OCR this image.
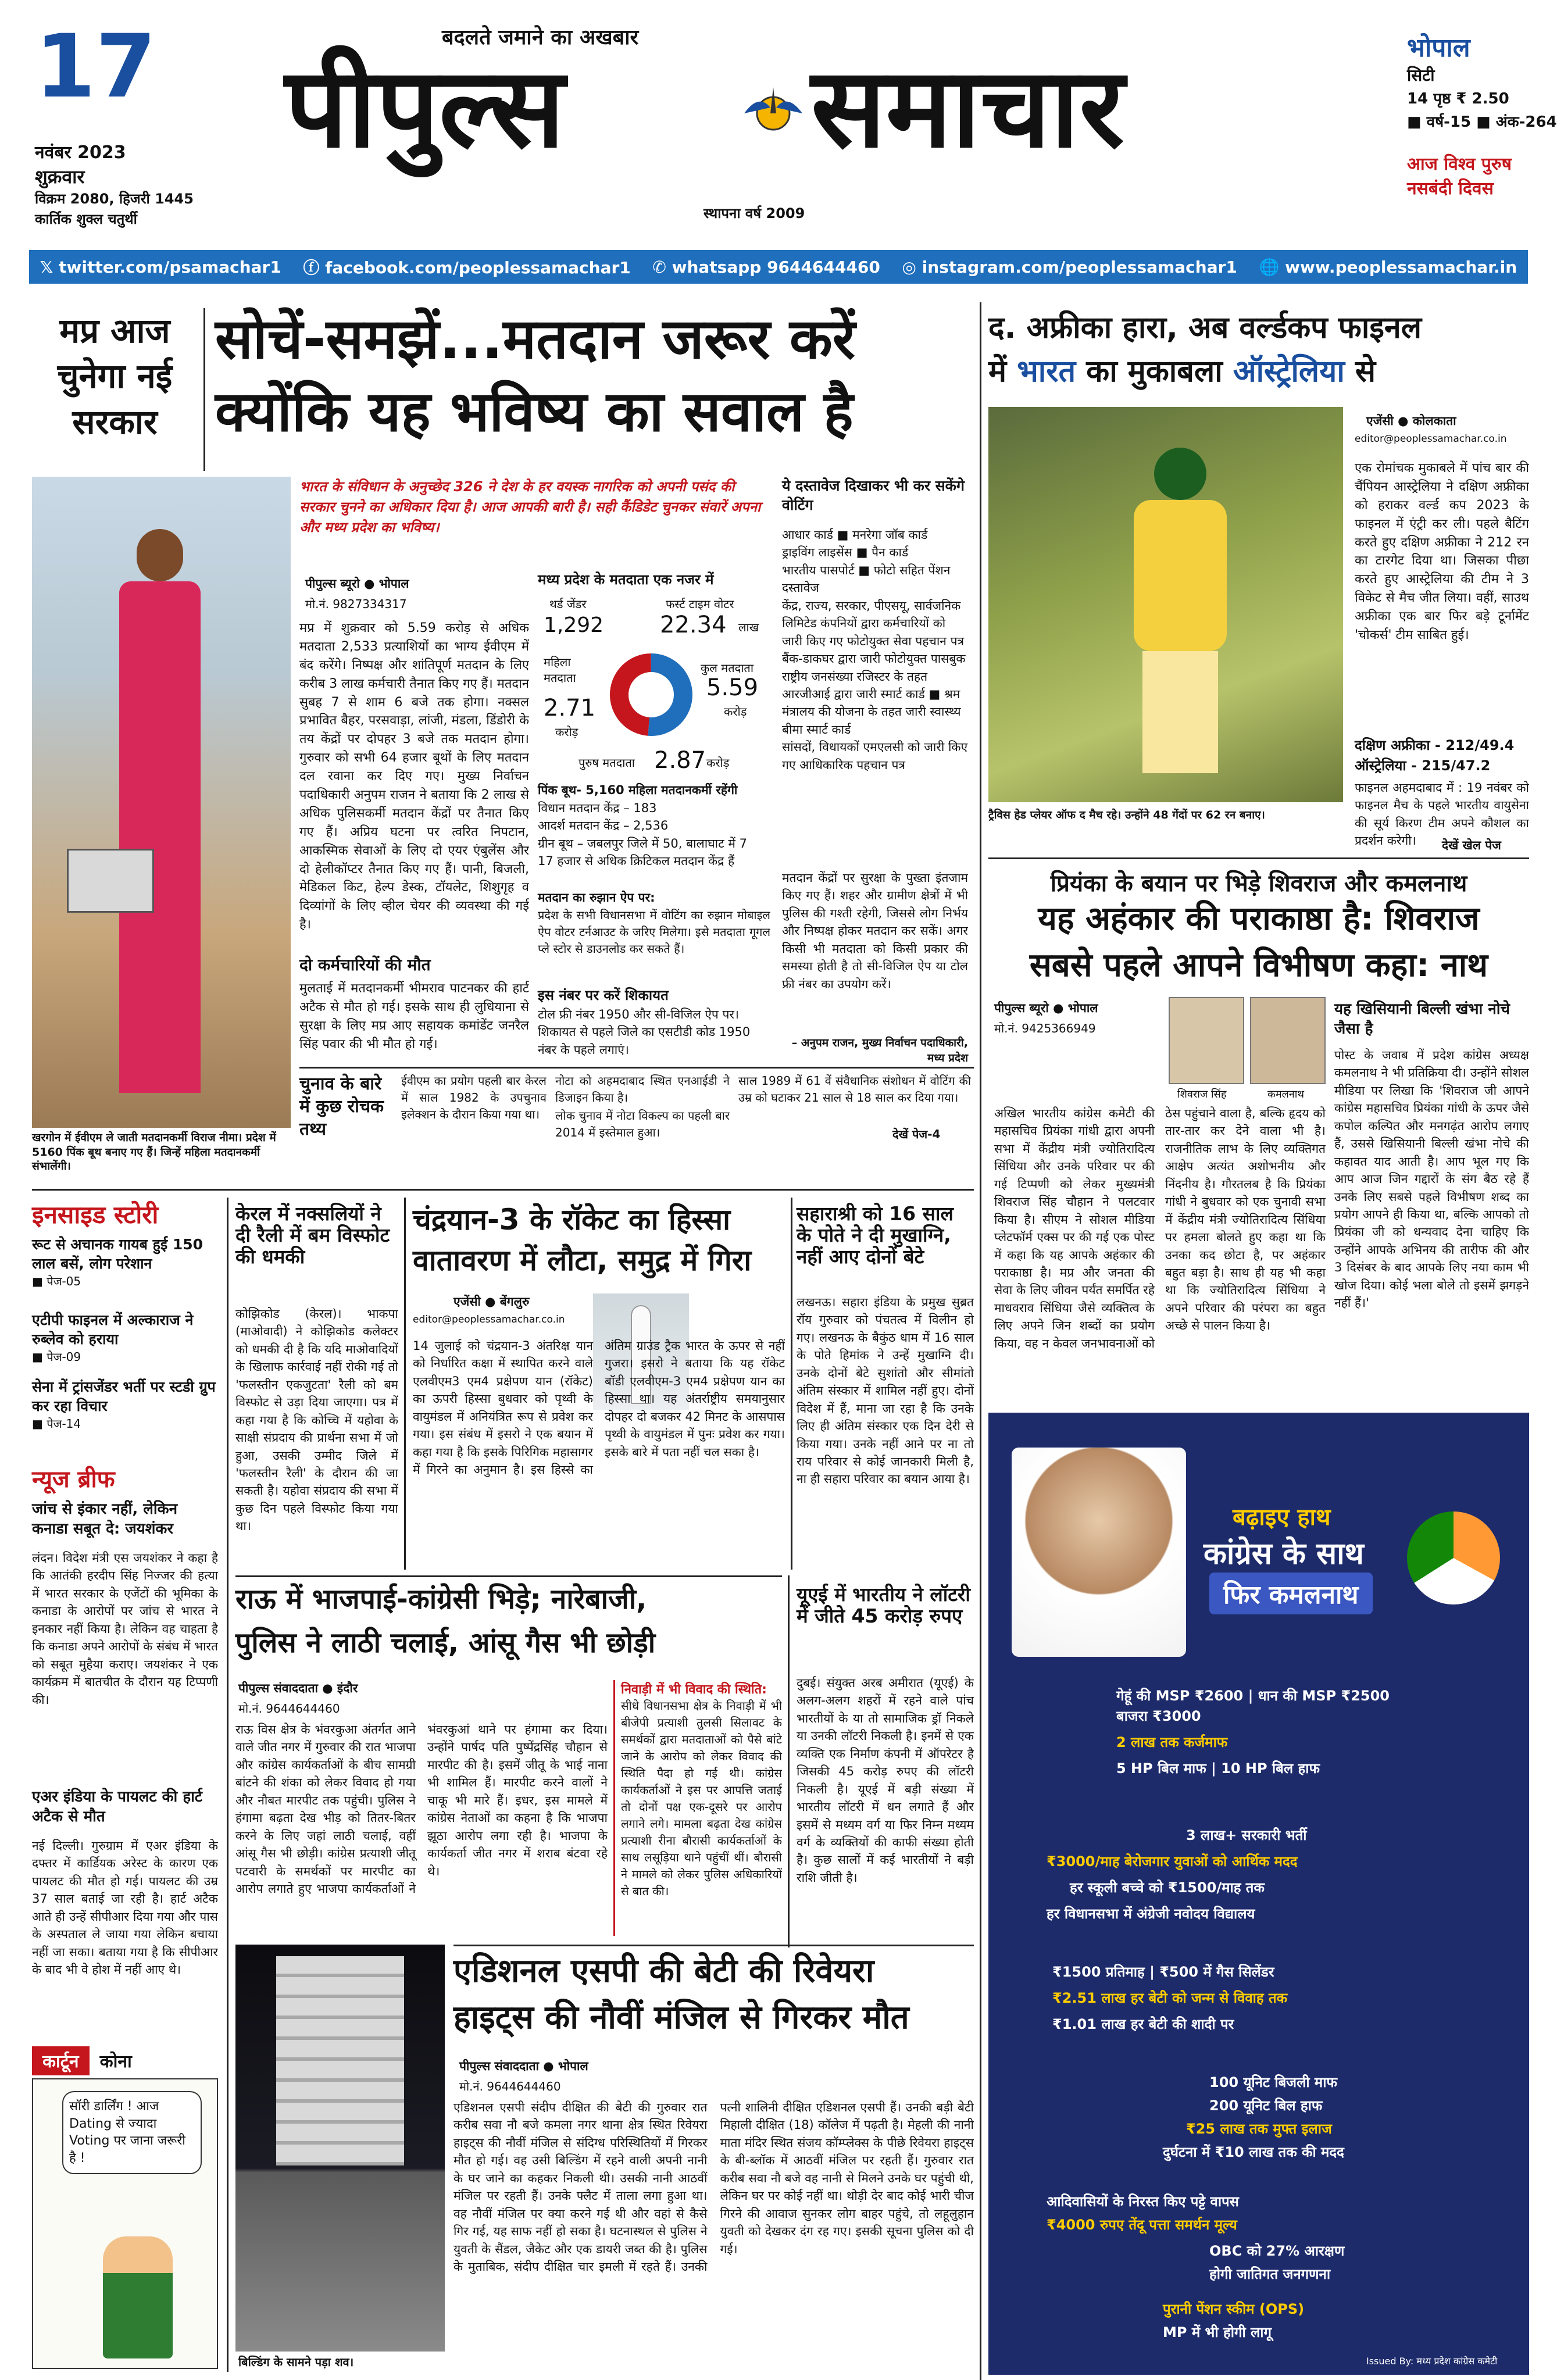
17
नवंबर 2023
शुक्रवार
विक्रम 2080, हिजरी 1445
कार्तिक शुक्ल चतुर्थी
बदलते जमाने का अखबार
पीपुल्स समाचार
स्थापना वर्ष 2009
भोपाल
सिटी
14 पृष्ठ ₹ 2.50
■ वर्ष-15 ■ अंक-264
आज विश्व पुरुष
नसबंदी दिवस
𝕏 twitter.com/psamachar1 ⓕ facebook.com/peoplessamachar1 ✆ whatsapp 9644644460 ◎ instagram.com/peoplessamachar1 🌐 www.peoplessamachar.in
मप्र आज चुनेगा नई सरकार
सोचें-समझें...मतदान जरूर करें
क्योंकि यह भविष्य का सवाल है
खरगोन में ईवीएम ले जाती मतदानकर्मी विराज नीमा। प्रदेश में 5160 पिंक बूथ बनाए गए हैं। जिन्हें महिला मतदानकर्मी संभालेंगी।
भारत के संविधान के अनुच्छेद 326 ने देश के हर वयस्क नागरिक को अपनी पसंद की सरकार चुनने का अधिकार दिया है। आज आपकी बारी है। सही कैंडिडेट चुनकर संवारें अपना और मध्य प्रदेश का भविष्य।
पीपुल्स ब्यूरो ● भोपाल
मो.नं. 9827334317
मप्र में शुक्रवार को 5.59 करोड़ से अधिक मतदाता 2,533 प्रत्याशियों का भाग्य ईवीएम में बंद करेंगे। निष्पक्ष और शांतिपूर्ण मतदान के लिए करीब 3 लाख कर्मचारी तैनात किए गए हैं। मतदान सुबह 7 से शाम 6 बजे तक होगा। नक्सल प्रभावित बैहर, परसवाड़ा, लांजी, मंडला, डिंडोरी के तय केंद्रों पर दोपहर 3 बजे तक मतदान होगा। गुरुवार को सभी 64 हजार बूथों के लिए मतदान दल रवाना कर दिए गए। मुख्य निर्वाचन पदाधिकारी अनुपम राजन ने बताया कि 2 लाख से अधिक पुलिसकर्मी मतदान केंद्रों पर तैनात किए गए हैं। अप्रिय घटना पर त्वरित निपटान, आकस्मिक सेवाओं के लिए दो एयर एंबुलेंस और दो हेलीकॉप्टर तैनात किए गए हैं। पानी, बिजली, मेडिकल किट, हेल्प डेस्क, टॉयलेट, शिशुगृह व दिव्यांगों के लिए व्हील चेयर की व्यवस्था की गई है।
दो कर्मचारियों की मौत
मुलताई में मतदानकर्मी भीमराव पाटनकर की हार्ट अटैक से मौत हो गई। इसके साथ ही लुधियाना से सुरक्षा के लिए मप्र आए सहायक कमांडेंट जनरैल सिंह पवार की भी मौत हो गई।
मध्य प्रदेश के मतदाता एक नजर में
थर्ड जेंडर
1,292
फर्स्ट टाइम वोटर
22.34 लाख
महिला मतदाता
2.71
करोड़
कुल मतदाता
5.59
करोड़
पुरुष मतदाता 2.87 करोड़
पिंक बूथ- 5,160 महिला मतदानकर्मी रहेंगी
विधान मतदान केंद्र – 183
आदर्श मतदान केंद्र – 2,536
ग्रीन बूथ – जबलपुर जिले में 50, बालाघाट में 7
17 हजार से अधिक क्रिटिकल मतदान केंद्र हैं
मतदान का रुझान ऐप पर:
प्रदेश के सभी विधानसभा में वोटिंग का रुझान मोबाइल ऐप वोटर टर्नआउट के जरिए मिलेगा। इसे मतदाता गूगल प्ले स्टोर से डाउनलोड कर सकते हैं।
इस नंबर पर करें शिकायत
टोल फ्री नंबर 1950 और सी-विजिल ऐप पर।
शिकायत से पहले जिले का एसटीडी कोड 1950 नंबर के पहले लगाएं।
ये दस्तावेज दिखाकर भी कर सकेंगे वोटिंग
आधार कार्ड ■ मनरेगा जॉब कार्ड
ड्राइविंग लाइसेंस ■ पैन कार्ड
भारतीय पासपोर्ट ■ फोटो सहित पेंशन दस्तावेज
केंद्र, राज्य, सरकार, पीएसयू, सार्वजनिक लिमिटेड कंपनियों द्वारा कर्मचारियों को जारी किए गए फोटोयुक्त सेवा पहचान पत्र
बैंक-डाकघर द्वारा जारी फोटोयुक्त पासबुक
राष्ट्रीय जनसंख्या रजिस्टर के तहत आरजीआई द्वारा जारी स्मार्ट कार्ड ■ श्रम मंत्रालय की योजना के तहत जारी स्वास्थ्य बीमा स्मार्ट कार्ड
सांसदों, विधायकों एमएलसी को जारी किए गए आधिकारिक पहचान पत्र
मतदान केंद्रों पर सुरक्षा के पुख्ता इंतजाम किए गए हैं। शहर और ग्रामीण क्षेत्रों में भी पुलिस की गश्ती रहेगी, जिससे लोग निर्भय और निष्पक्ष होकर मतदान कर सकें। अगर किसी भी मतदाता को किसी प्रकार की समस्या होती है तो सी-विजिल ऐप या टोल फ्री नंबर का उपयोग करें।
– अनुपम राजन, मुख्य निर्वाचन पदाधिकारी, मध्य प्रदेश
चुनाव के बारे में कुछ रोचक तथ्य
ईवीएम का प्रयोग पहली बार केरल में साल 1982 के उपचुनाव इलेक्शन के दौरान किया गया था।
नोटा को अहमदाबाद स्थित एनआईडी ने डिजाइन किया है।
लोक चुनाव में नोटा विकल्प का पहली बार 2014 में इस्तेमाल हुआ।
साल 1989 में 61 वें संवैधानिक संशोधन में वोटिंग की उम्र को घटाकर 21 साल से 18 साल कर दिया गया।
देखें पेज-4
द. अफ्रीका हारा, अब वर्ल्डकप फाइनल
में भारत का मुकाबला ऑस्ट्रेलिया से
ट्रैविस हेड प्लेयर ऑफ द मैच रहे। उन्होंने 48 गेंदों पर 62 रन बनाए।
एजेंसी ● कोलकाता
editor@peoplessamachar.co.in
एक रोमांचक मुकाबले में पांच बार की चैंपियन आस्ट्रेलिया ने दक्षिण अफ्रीका को हराकर वर्ल्ड कप 2023 के फाइनल में एंट्री कर ली। पहले बैटिंग करते हुए दक्षिण अफ्रीका ने 212 रन का टारगेट दिया था। जिसका पीछा करते हुए आस्ट्रेलिया की टीम ने 3 विकेट से मैच जीत लिया। वहीं, साउथ अफ्रीका एक बार फिर बड़े टूर्नामेंट 'चोकर्स' टीम साबित हुई।
दक्षिण अफ्रीका - 212/49.4
ऑस्ट्रेलिया - 215/47.2
फाइनल अहमदाबाद में : 19 नवंबर को फाइनल मैच के पहले भारतीय वायुसेना की सूर्य किरण टीम अपने कौशल का प्रदर्शन करेगी।	देखें खेल पेज
प्रियंका के बयान पर भिड़े शिवराज और कमलनाथ
यह अहंकार की पराकाष्ठा है: शिवराज
सबसे पहले आपने विभीषण कहा: नाथ
पीपुल्स ब्यूरो ● भोपाल
मो.नं. 9425366949
शिवराज सिंह	कमलनाथ
अखिल भारतीय कांग्रेस कमेटी की महासचिव प्रियंका गांधी द्वारा अपनी सभा में केंद्रीय मंत्री ज्योतिरादित्य सिंधिया और उनके परिवार पर की गई टिप्पणी को लेकर मुख्यमंत्री शिवराज सिंह चौहान ने पलटवार किया है। सीएम ने सोशल मीडिया प्लेटफॉर्म एक्स पर की गई एक पोस्ट में कहा कि यह आपके अहंकार की पराकाष्ठा है। मप्र और जनता की सेवा के लिए जीवन पर्यंत समर्पित रहे माधवराव सिंधिया जैसे व्यक्तित्व के लिए अपने जिन शब्दों का प्रयोग किया, वह न केवल जनभावनाओं को ठेस पहुंचाने वाला है, बल्कि हृदय को तार-तार कर देने वाला भी है। राजनीतिक लाभ के लिए व्यक्तिगत आक्षेप अत्यंत अशोभनीय और निंदनीय है। गौरतलब है कि प्रियंका गांधी ने बुधवार को एक चुनावी सभा में केंद्रीय मंत्री ज्योतिरादित्य सिंधिया पर हमला बोलते हुए कहा था कि उनका कद छोटा है, पर अहंकार बहुत बड़ा है। साथ ही यह भी कहा था कि ज्योतिरादित्य सिंधिया ने अपने परिवार की परंपरा का बहुत अच्छे से पालन किया है।
यह खिसियानी बिल्ली खंभा नोचे जैसा है
पोस्ट के जवाब में प्रदेश कांग्रेस अध्यक्ष कमलनाथ ने भी प्रतिक्रिया दी। उन्होंने सोशल मीडिया पर लिखा कि 'शिवराज जी आपने कांग्रेस महासचिव प्रियंका गांधी के ऊपर जैसे कपोल कल्पित और मनगढ़ंत आरोप लगाए हैं, उससे खिसियानी बिल्ली खंभा नोचे की कहावत याद आती है। आप भूल गए कि आप आज जिन गद्दारों के संग बैठ रहे हैं उनके लिए सबसे पहले विभीषण शब्द का प्रयोग आपने ही किया था, बल्कि आपको तो प्रियंका जी को धन्यवाद देना चाहिए कि उन्होंने आपके अभिनय की तारीफ की और 3 दिसंबर के बाद आपके लिए नया काम भी खोज दिया। कोई भला बोले तो इसमें झगड़ने नहीं हैं।'
बढ़ाइए हाथ
कांग्रेस के साथ
फिर कमलनाथ
गेहूं की MSP ₹2600 | धान की MSP ₹2500
बाजरा ₹3000
2 लाख तक कर्जमाफ
5 HP बिल माफ | 10 HP बिल हाफ
3 लाख+ सरकारी भर्ती
₹3000/माह बेरोजगार युवाओं को आर्थिक मदद
हर स्कूली बच्चे को ₹1500/माह तक
हर विधानसभा में अंग्रेजी नवोदय विद्यालय
₹1500 प्रतिमाह | ₹500 में गैस सिलेंडर
₹2.51 लाख हर बेटी को जन्म से विवाह तक
₹1.01 लाख हर बेटी की शादी पर
100 यूनिट बिजली माफ
200 यूनिट बिल हाफ
₹25 लाख तक मुफ्त इलाज
दुर्घटना में ₹10 लाख तक की मदद
आदिवासियों के निरस्त किए पट्टे वापस
₹4000 रुपए तेंदू पत्ता समर्थन मूल्य
OBC को 27% आरक्षण
होगी जातिगत जनगणना
पुरानी पेंशन स्कीम (OPS)
MP में भी होगी लागू
Issued By: मध्य प्रदेश कांग्रेस कमेटी
इनसाइड स्टोरी
रूट से अचानक गायब हुई 150 लाल बसें, लोग परेशान
■ पेज-05
एटीपी फाइनल में अल्काराज ने रुब्लेव को हराया
■ पेज-09
सेना में ट्रांसजेंडर भर्ती पर स्टडी ग्रुप कर रहा विचार
■ पेज-14
न्यूज ब्रीफ
जांच से इंकार नहीं, लेकिन कनाडा सबूत दे: जयशंकर
लंदन। विदेश मंत्री एस जयशंकर ने कहा है कि आतंकी हरदीप सिंह निज्जर की हत्या में भारत सरकार के एजेंटों की भूमिका के कनाडा के आरोपों पर जांच से भारत ने इनकार नहीं किया है। लेकिन वह चाहता है कि कनाडा अपने आरोपों के संबंध में भारत को सबूत मुहैया कराए। जयशंकर ने एक कार्यक्रम में बातचीत के दौरान यह टिप्पणी की।
एअर इंडिया के पायलट की हार्ट अटैक से मौत
नई दिल्ली। गुरुग्राम में एअर इंडिया के दफ्तर में कार्डियक अरेस्ट के कारण एक पायलट की मौत हो गई। पायलट की उम्र 37 साल बताई जा रही है। हार्ट अटैक आते ही उन्हें सीपीआर दिया गया और पास के अस्पताल ले जाया गया लेकिन बचाया नहीं जा सका। बताया गया है कि सीपीआर के बाद भी वे होश में नहीं आए थे।
कार्टून	कोना
सॉरी डार्लिंग ! आज Dating से ज्यादा Voting पर जाना जरूरी है !
केरल में नक्सलियों ने दी रैली में बम विस्फोट की धमकी
कोझिकोड (केरल)। भाकपा (माओवादी) ने कोझिकोड कलेक्टर को धमकी दी है कि यदि माओवादियों के खिलाफ कार्रवाई नहीं रोकी गई तो 'फलस्तीन एकजुटता' रैली को बम विस्फोट से उड़ा दिया जाएगा। पत्र में कहा गया है कि कोच्चि में यहोवा के साक्षी संप्रदाय की प्रार्थना सभा में जो हुआ, उसकी उम्मीद जिले में 'फलस्तीन रैली' के दौरान की जा सकती है। यहोवा संप्रदाय की सभा में कुछ दिन पहले विस्फोट किया गया था।
चंद्रयान-3 के रॉकेट का हिस्सा
वातावरण में लौटा, समुद्र में गिरा
एजेंसी ● बेंगलुरु
editor@peoplessamachar.co.in
14 जुलाई को चंद्रयान-3 अंतरिक्ष यान को निर्धारित कक्षा में स्थापित करने वाले एलवीएम3 एम4 प्रक्षेपण यान (रॉकेट) का ऊपरी हिस्सा बुधवार को पृथ्वी के वायुमंडल में अनियंत्रित रूप से प्रवेश कर गया। इस संबंध में इसरो ने एक बयान में कहा गया है कि इसके पिरिगिक महासागर में गिरने का अनुमान है। इस हिस्से का अंतिम ग्राउंड ट्रैक भारत के ऊपर से नहीं गुजरा। इसरो ने बताया कि यह रॉकेट बॉडी एलवीएम-3 एम4 प्रक्षेपण यान का हिस्सा था। यह अंतर्राष्ट्रीय समयानुसार दोपहर दो बजकर 42 मिनट के आसपास पृथ्वी के वायुमंडल में पुनः प्रवेश कर गया। इसके बारे में पता नहीं चल सका है।
सहाराश्री को 16 साल के पोते ने दी मुखाग्नि, नहीं आए दोनों बेटे
लखनऊ। सहारा इंडिया के प्रमुख सुब्रत रॉय गुरुवार को पंचतत्व में विलीन हो गए। लखनऊ के बैकुंठ धाम में 16 साल के पोते हिमांक ने उन्हें मुखाग्नि दी। उनके दोनों बेटे सुशांतो और सीमांतो अंतिम संस्कार में शामिल नहीं हुए। दोनों विदेश में हैं, माना जा रहा है कि उनके लिए ही अंतिम संस्कार एक दिन देरी से किया गया। उनके नहीं आने पर ना तो राय परिवार से कोई जानकारी मिली है, ना ही सहारा परिवार का बयान आया है।
राऊ में भाजपाई-कांग्रेसी भिड़े; नारेबाजी,
पुलिस ने लाठी चलाई, आंसू गैस भी छोड़ी
पीपुल्स संवाददाता ● इंदौर
मो.नं. 9644644460
राऊ विस क्षेत्र के भंवरकुआ अंतर्गत आने वाले जीत नगर में गुरुवार की रात भाजपा और कांग्रेस कार्यकर्ताओं के बीच सामग्री बांटने की शंका को लेकर विवाद हो गया और नौबत मारपीट तक पहुंची। पुलिस ने हंगामा बढ़ता देख भीड़ को तितर-बितर करने के लिए जहां लाठी चलाई, वहीं आंसू गैस भी छोड़ी। कांग्रेस प्रत्याशी जीतू पटवारी के समर्थकों पर मारपीट का आरोप लगाते हुए भाजपा कार्यकर्ताओं ने भंवरकुआं थाने पर हंगामा कर दिया। उन्होंने पार्षद पति पुष्पेंद्रसिंह चौहान से मारपीट की है। इसमें जीतू के भाई नाना भी शामिल हैं। मारपीट करने वालों ने चाकू भी मारे हैं। इधर, इस मामले में कांग्रेस नेताओं का कहना है कि भाजपा झूठा आरोप लगा रही है। भाजपा के कार्यकर्ता जीत नगर में शराब बंटवा रहे थे।
निवाड़ी में भी विवाद की स्थिति:
सीधे विधानसभा क्षेत्र के निवाड़ी में भी बीजेपी प्रत्याशी तुलसी सिलावट के समर्थकों द्वारा मतदाताओं को पैसे बांटे जाने के आरोप को लेकर विवाद की स्थिति पैदा हो गई थी। कांग्रेस कार्यकर्ताओं ने इस पर आपत्ति जताई तो दोनों पक्ष एक-दूसरे पर आरोप लगाने लगे। मामला बढ़ता देख कांग्रेस प्रत्याशी रीना बौरासी कार्यकर्ताओं के साथ लसूड़िया थाने पहुंचीं थीं। बौरासी ने मामले को लेकर पुलिस अधिकारियों से बात की।
यूएई में भारतीय ने लॉटरी में जीते 45 करोड़ रुपए
दुबई। संयुक्त अरब अमीरात (यूएई) के अलग-अलग शहरों में रहने वाले पांच भारतीयों के या तो सामाजिक ड्रॉ निकले या उनकी लॉटरी निकली है। इनमें से एक व्यक्ति एक निर्माण कंपनी में ऑपरेटर है जिसकी 45 करोड़ रुपए की लॉटरी निकली है। यूएई में बड़ी संख्या में भारतीय लॉटरी में धन लगाते हैं और इसमें से मध्यम वर्ग या फिर निम्न मध्यम वर्ग के व्यक्तियों की काफी संख्या होती है। कुछ सालों में कई भारतीयों ने बड़ी राशि जीती है।
बिल्डिंग के सामने पड़ा शव।
एडिशनल एसपी की बेटी की रिवेयरा
हाइट्स की नौवीं मंजिल से गिरकर मौत
पीपुल्स संवाददाता ● भोपाल
मो.नं. 9644644460
एडिशनल एसपी संदीप दीक्षित की बेटी की गुरुवार रात करीब सवा नौ बजे कमला नगर थाना क्षेत्र स्थित रिवेयरा हाइट्स की नौवीं मंजिल से संदिग्ध परिस्थितियों में गिरकर मौत हो गई। वह उसी बिल्डिंग में रहने वाली अपनी नानी के घर जाने का कहकर निकली थी। उसकी नानी आठवीं मंजिल पर रहती हैं। उनके फ्लैट में ताला लगा हुआ था। वह नौवीं मंजिल पर क्या करने गई थी और वहां से कैसे गिर गई, यह साफ नहीं हो सका है। घटनास्थल से पुलिस ने युवती के सैंडल, जैकेट और एक डायरी जब्त की है। पुलिस के मुताबिक, संदीप दीक्षित चार इमली में रहते हैं। उनकी पत्नी शालिनी दीक्षित एडिशनल एसपी हैं। उनकी बड़ी बेटी मिहाली दीक्षित (18) कॉलेज में पढ़ती है। मेहली की नानी माता मंदिर स्थित संजय कॉम्प्लेक्स के पीछे रिवेयरा हाइट्स के बी-ब्लॉक में आठवीं मंजिल पर रहती हैं। गुरुवार रात करीब सवा नौ बजे वह नानी से मिलने उनके घर पहुंची थी, लेकिन घर पर कोई नहीं था। थोड़ी देर बाद कोई भारी चीज गिरने की आवाज सुनकर लोग बाहर पहुंचे, तो लहूलुहान युवती को देखकर दंग रह गए। इसकी सूचना पुलिस को दी गई।
